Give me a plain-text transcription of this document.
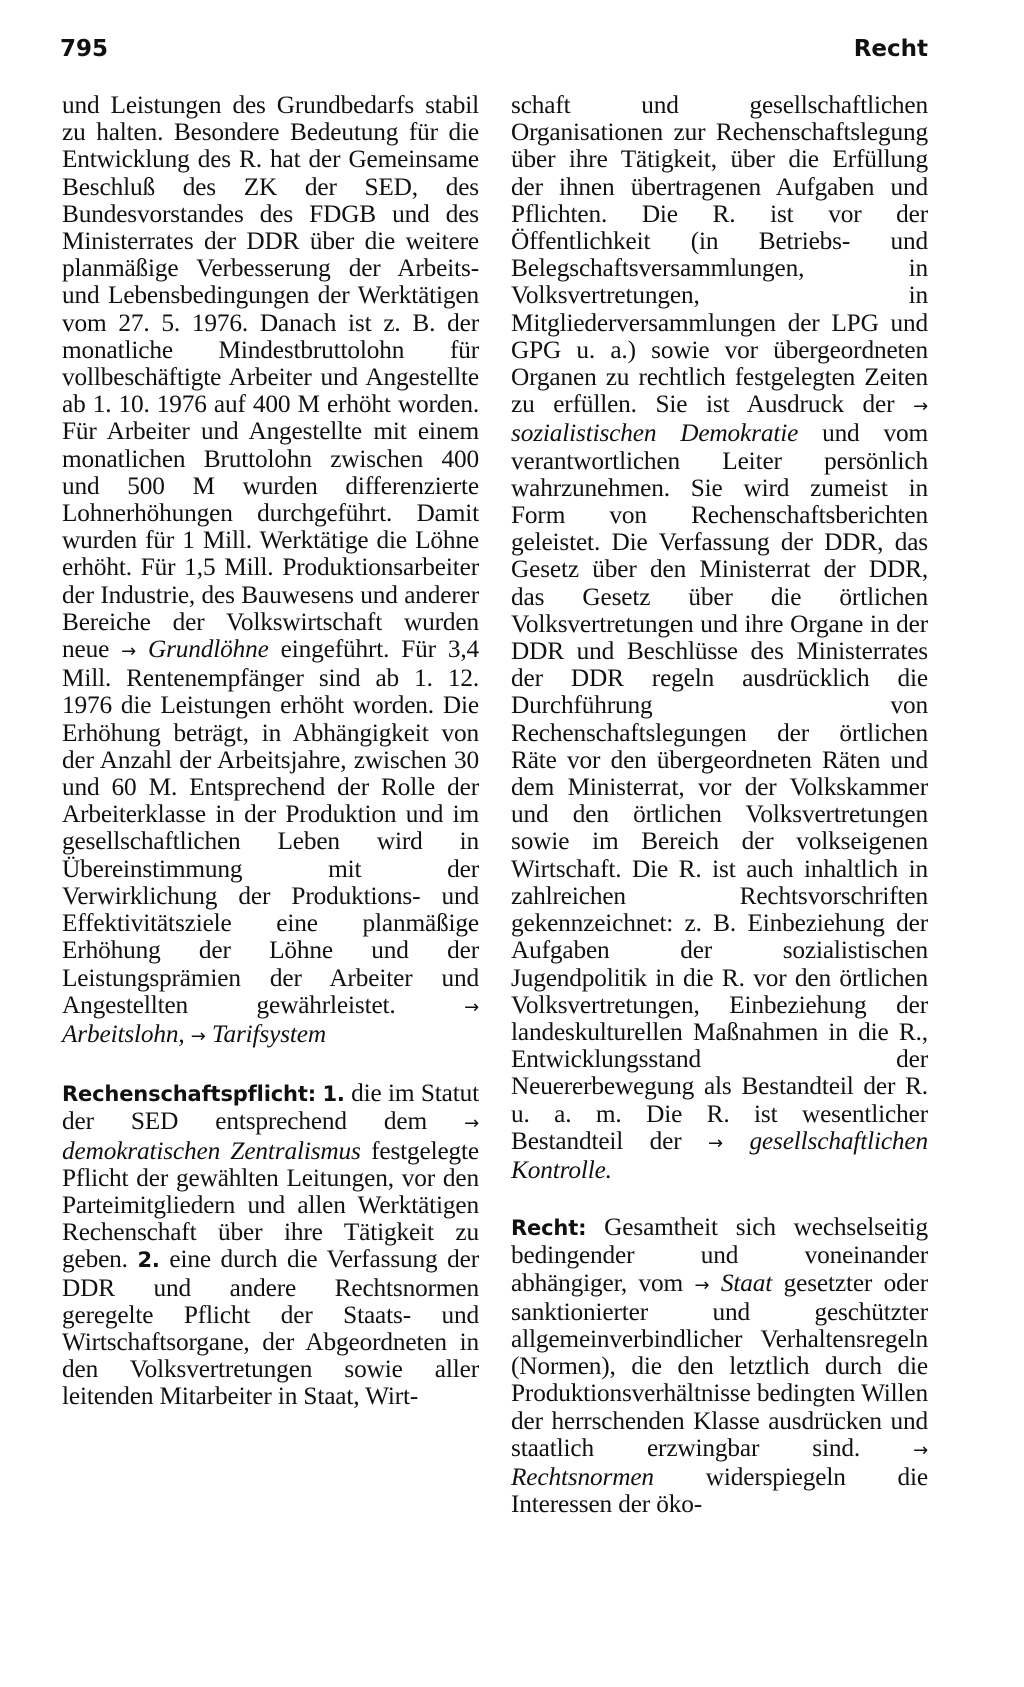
795	Recht

und Leistungen des Grundbedarfs stabil zu halten. Besondere Bedeutung für die Entwicklung des R. hat der Gemeinsame Beschluß des ZK der SED, des Bundesvorstandes des FDGB und des Ministerrates der DDR über die weitere planmäßige Verbesserung der Arbeits- und Lebensbedingungen der Werktätigen vom 27. 5. 1976. Danach ist z. B. der monatliche Mindestbruttolohn für vollbeschäftigte Arbeiter und Angestellte ab 1. 10. 1976 auf 400 M erhöht worden. Für Arbeiter und Angestellte mit einem monatlichen Bruttolohn zwischen 400 und 500 M wurden differenzierte Lohnerhöhungen durchgeführt. Damit wurden für 1 Mill. Werktätige die Löhne erhöht. Für 1,5 Mill. Produktionsarbeiter der Industrie, des Bauwesens und anderer Bereiche der Volkswirtschaft wurden neue → Grundlöhne eingeführt. Für 3,4 Mill. Rentenempfänger sind ab 1. 12. 1976 die Leistungen erhöht worden. Die Erhöhung beträgt, in Abhängigkeit von der Anzahl der Arbeitsjahre, zwischen 30 und 60 M. Entsprechend der Rolle der Arbeiterklasse in der Produktion und im gesellschaftlichen Leben wird in Übereinstimmung mit der Verwirklichung der Produktions- und Effektivitätsziele eine planmäßige Erhöhung der Löhne und der Leistungsprämien der Arbeiter und Angestellten gewährleistet. → Arbeitslohn, → Tarifsystem

Rechenschaftspflicht: 1. die im Statut der SED entsprechend dem → demokratischen Zentralismus festgelegte Pflicht der gewählten Leitungen, vor den Parteimitgliedern und allen Werktätigen Rechenschaft über ihre Tätigkeit zu geben. 2. eine durch die Verfassung der DDR und andere Rechtsnormen geregelte Pflicht der Staats- und Wirtschaftsorgane, der Abgeordneten in den Volksvertretungen sowie aller leitenden Mitarbeiter in Staat, Wirt-

schaft und gesellschaftlichen Organisationen zur Rechenschaftslegung über ihre Tätigkeit, über die Erfüllung der ihnen übertragenen Aufgaben und Pflichten. Die R. ist vor der Öffentlichkeit (in Betriebs- und Belegschaftsversammlungen, in Volksvertretungen, in Mitgliederversammlungen der LPG und GPG u. a.) sowie vor übergeordneten Organen zu rechtlich festgelegten Zeiten zu erfüllen. Sie ist Ausdruck der → sozialistischen Demokratie und vom verantwortlichen Leiter persönlich wahrzunehmen. Sie wird zumeist in Form von Rechenschaftsberichten geleistet. Die Verfassung der DDR, das Gesetz über den Ministerrat der DDR, das Gesetz über die örtlichen Volksvertretungen und ihre Organe in der DDR und Beschlüsse des Ministerrates der DDR regeln ausdrücklich die Durchführung von Rechenschaftslegungen der örtlichen Räte vor den übergeordneten Räten und dem Ministerrat, vor der Volkskammer und den örtlichen Volksvertretungen sowie im Bereich der volkseigenen Wirtschaft. Die R. ist auch inhaltlich in zahlreichen Rechtsvorschriften gekennzeichnet: z. B. Einbeziehung der Aufgaben der sozialistischen Jugendpolitik in die R. vor den örtlichen Volksvertretungen, Einbeziehung der landeskulturellen Maßnahmen in die R., Entwicklungsstand der Neuererbewegung als Bestandteil der R. u. a. m. Die R. ist wesentlicher Bestandteil der → gesellschaftlichen Kontrolle.

Recht: Gesamtheit sich wechselseitig bedingender und voneinander abhängiger, vom → Staat gesetzter oder sanktionierter und geschützter allgemeinverbindlicher Verhaltensregeln (Normen), die den letztlich durch die Produktionsverhältnisse bedingten Willen der herrschenden Klasse ausdrücken und staatlich erzwingbar sind. → Rechtsnormen widerspiegeln die Interessen der öko-
